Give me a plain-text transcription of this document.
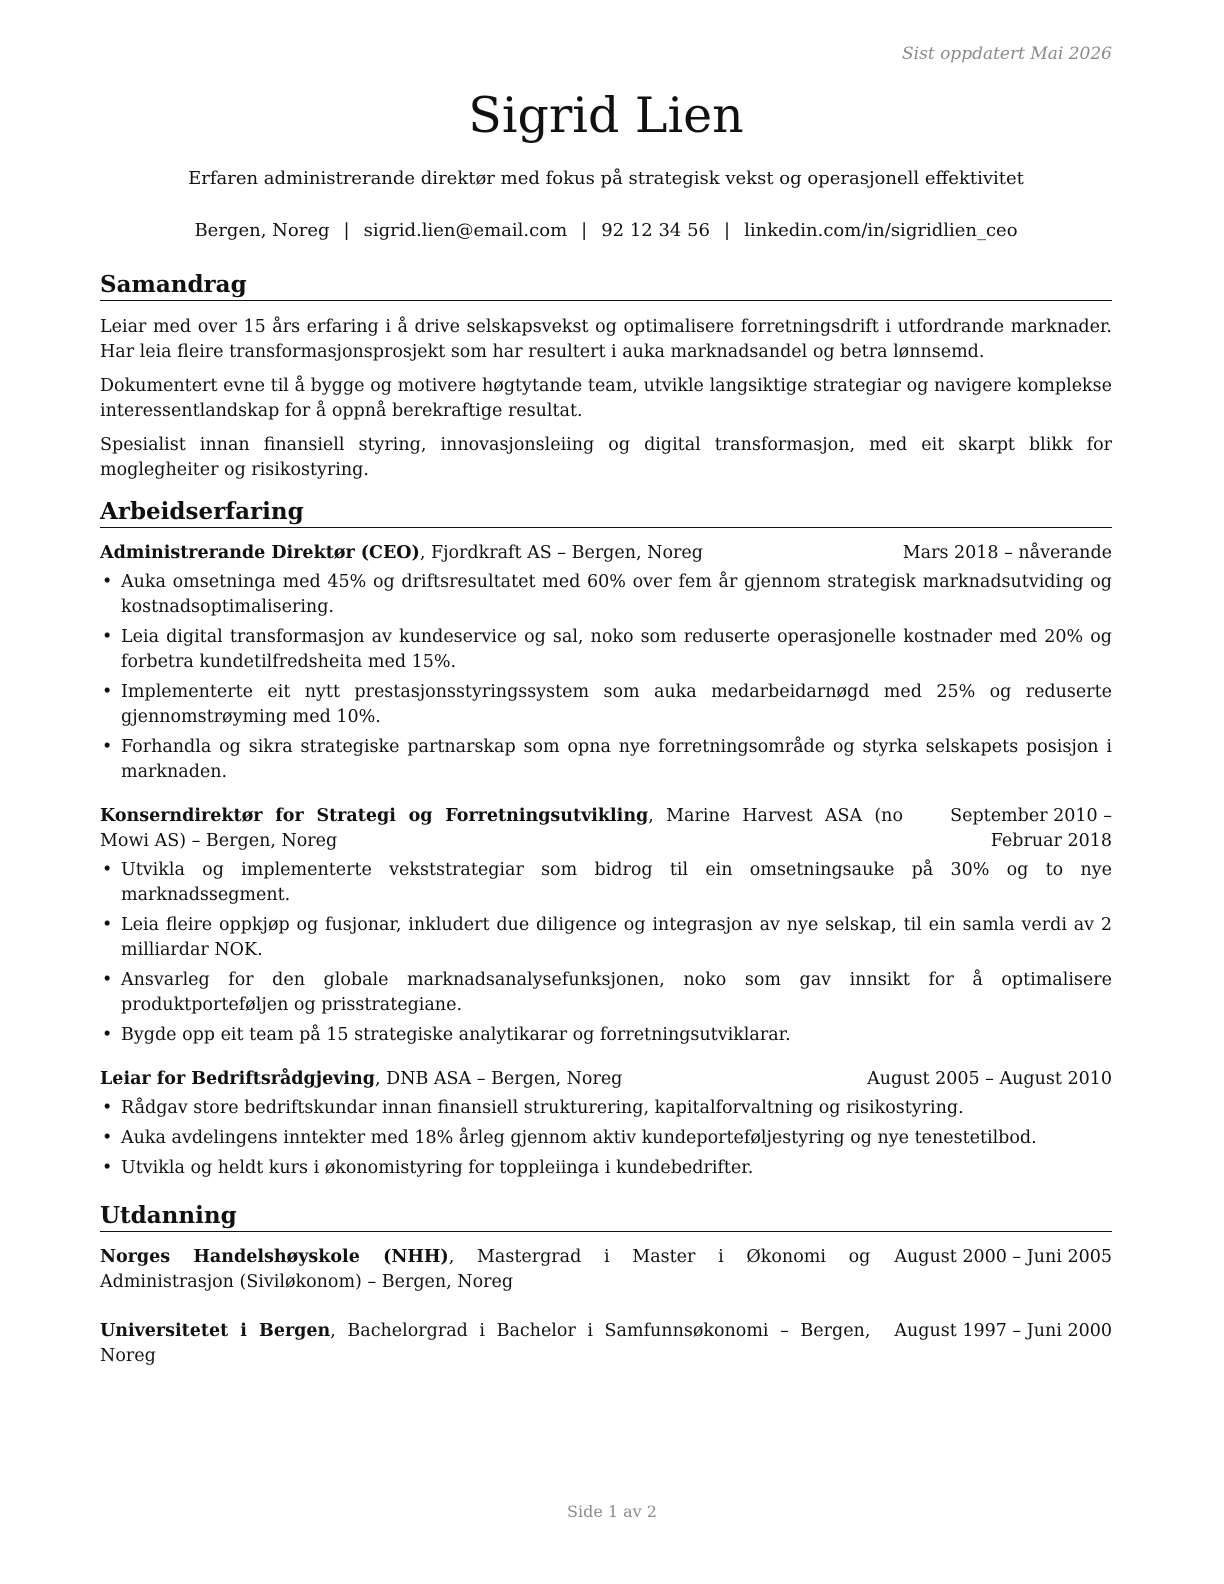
Sist oppdatert Mai 2026
Sigrid Lien
Erfaren administrerande direktør med fokus på strategisk vekst og operasjonell effektivitet
Bergen, Noreg | sigrid.lien@email.com | 92 12 34 56 | linkedin.com/in/sigridlien_ceo
Samandrag

Leiar med over 15 års erfaring i å drive selskapsvekst og optimalisere forretningsdrift i utfordrande marknader. Har leia fleire transformasjonsprosjekt som har resultert i auka marknadsandel og betra lønnsemd.

Dokumentert evne til å bygge og motivere høgtytande team, utvikle langsiktige strategiar og navigere komplekse interessentlandskap for å oppnå berekraftige resultat.

Spesialist innan finansiell styring, innovasjonsleiing og digital transformasjon, med eit skarpt blikk for moglegheiter og risikostyring.

Arbeidserfaring
Administrerande Direktør (CEO), Fjordkraft AS – Bergen, Noreg	Mars 2018 – nåverande
• Auka omsetninga med 45% og driftsresultatet med 60% over fem år gjennom strategisk marknadsutviding og kostnadsoptimalisering.
• Leia digital transformasjon av kundeservice og sal, noko som reduserte operasjonelle kostnader med 20% og forbetra kundetilfredsheita med 15%.
• Implementerte eit nytt prestasjonsstyringssystem som auka medarbeidarnøgd med 25% og reduserte gjennomstrøyming med 10%.
• Forhandla og sikra strategiske partnarskap som opna nye forretningsområde og styrka selskapets posisjon i marknaden.
Konserndirektør for Strategi og Forretningsutvikling, Marine Harvest ASA (no Mowi AS) – Bergen, Noreg
September 2010 – Februar 2018
• Utvikla og implementerte vekststrategiar som bidrog til ein omsetningsauke på 30% og to nye marknadssegment.
• Leia fleire oppkjøp og fusjonar, inkludert due diligence og integrasjon av nye selskap, til ein samla verdi av 2 milliardar NOK.
• Ansvarleg for den globale marknadsanalysefunksjonen, noko som gav innsikt for å optimalisere produktporteføljen og prisstrategiane.
• Bygde opp eit team på 15 strategiske analytikarar og forretningsutviklarar.
Leiar for Bedriftsrådgjeving, DNB ASA – Bergen, Noreg	August 2005 – August 2010
• Rådgav store bedriftskundar innan finansiell strukturering, kapitalforvaltning og risikostyring.
• Auka avdelingens inntekter med 18% årleg gjennom aktiv kundeporteføljestyring og nye tenestetilbod.
• Utvikla og heldt kurs i økonomistyring for toppleiinga i kundebedrifter.
Utdanning
Norges Handelshøyskole (NHH), Mastergrad i Master i Økonomi og Administrasjon (Siviløkonom) – Bergen, Noreg
August 2000 – Juni 2005
Universitetet i Bergen, Bachelorgrad i Bachelor i Samfunnsøkonomi – Bergen, Noreg
August 1997 – Juni 2000
Side 1 av 2
